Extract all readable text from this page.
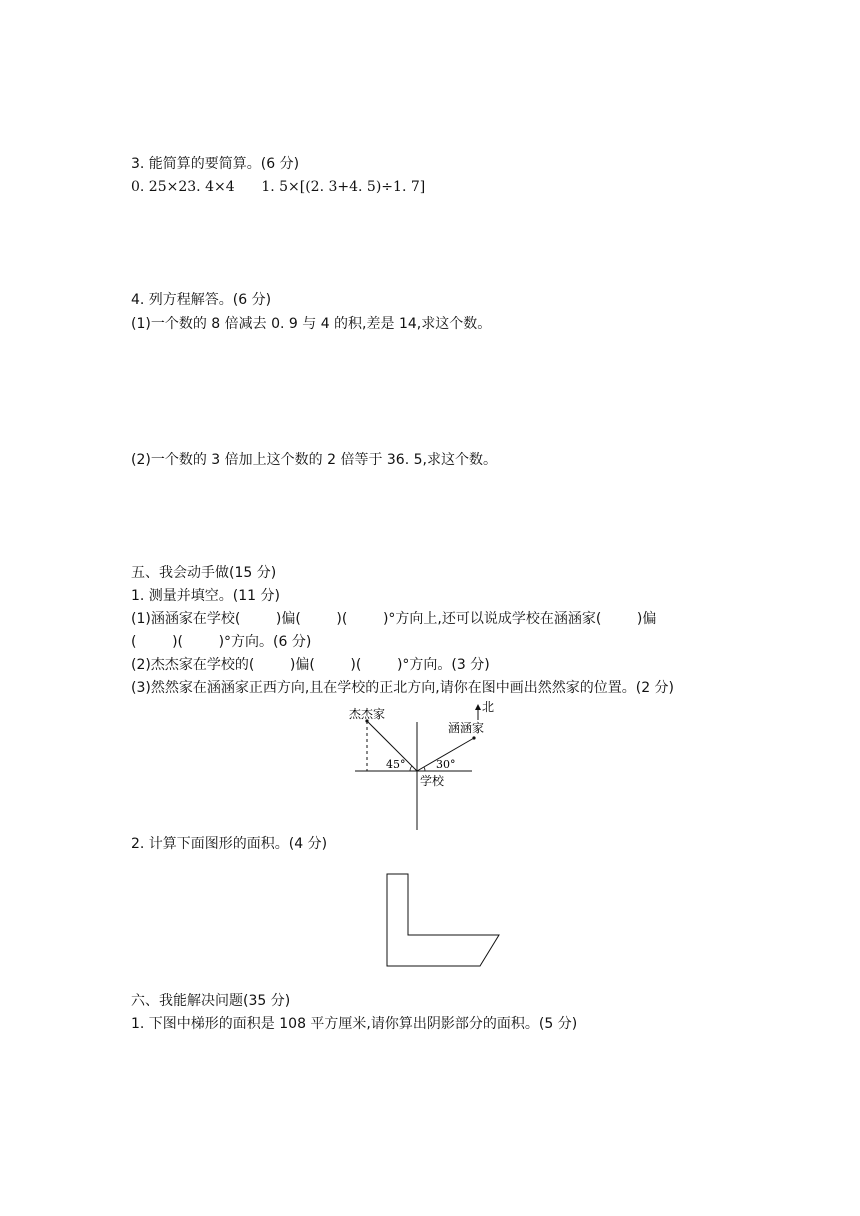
3. 能简算的要简算。(6 分)
0. 25×23. 4×4      1. 5×[(2. 3+4. 5)÷1. 7]
4. 列方程解答。(6 分)
(1)一个数的 8 倍减去 0. 9 与 4 的积,差是 14,求这个数。
(2)一个数的 3 倍加上这个数的 2 倍等于 36. 5,求这个数。
五、我会动手做(15 分)
1. 测量并填空。(11 分)
(1)涵涵家在学校(        )偏(        )(        )°方向上,还可以说成学校在涵涵家(        )偏
(        )(        )°方向。(6 分)
(2)杰杰家在学校的(        )偏(        )(        )°方向。(3 分)
(3)然然家在涵涵家正西方向,且在学校的正北方向,请你在图中画出然然家的位置。(2 分)
杰杰家
涵涵家
北
学校
45°	30°
2. 计算下面图形的面积。(4 分)
六、我能解决问题(35 分)
1. 下图中梯形的面积是 108 平方厘米,请你算出阴影部分的面积。(5 分)
